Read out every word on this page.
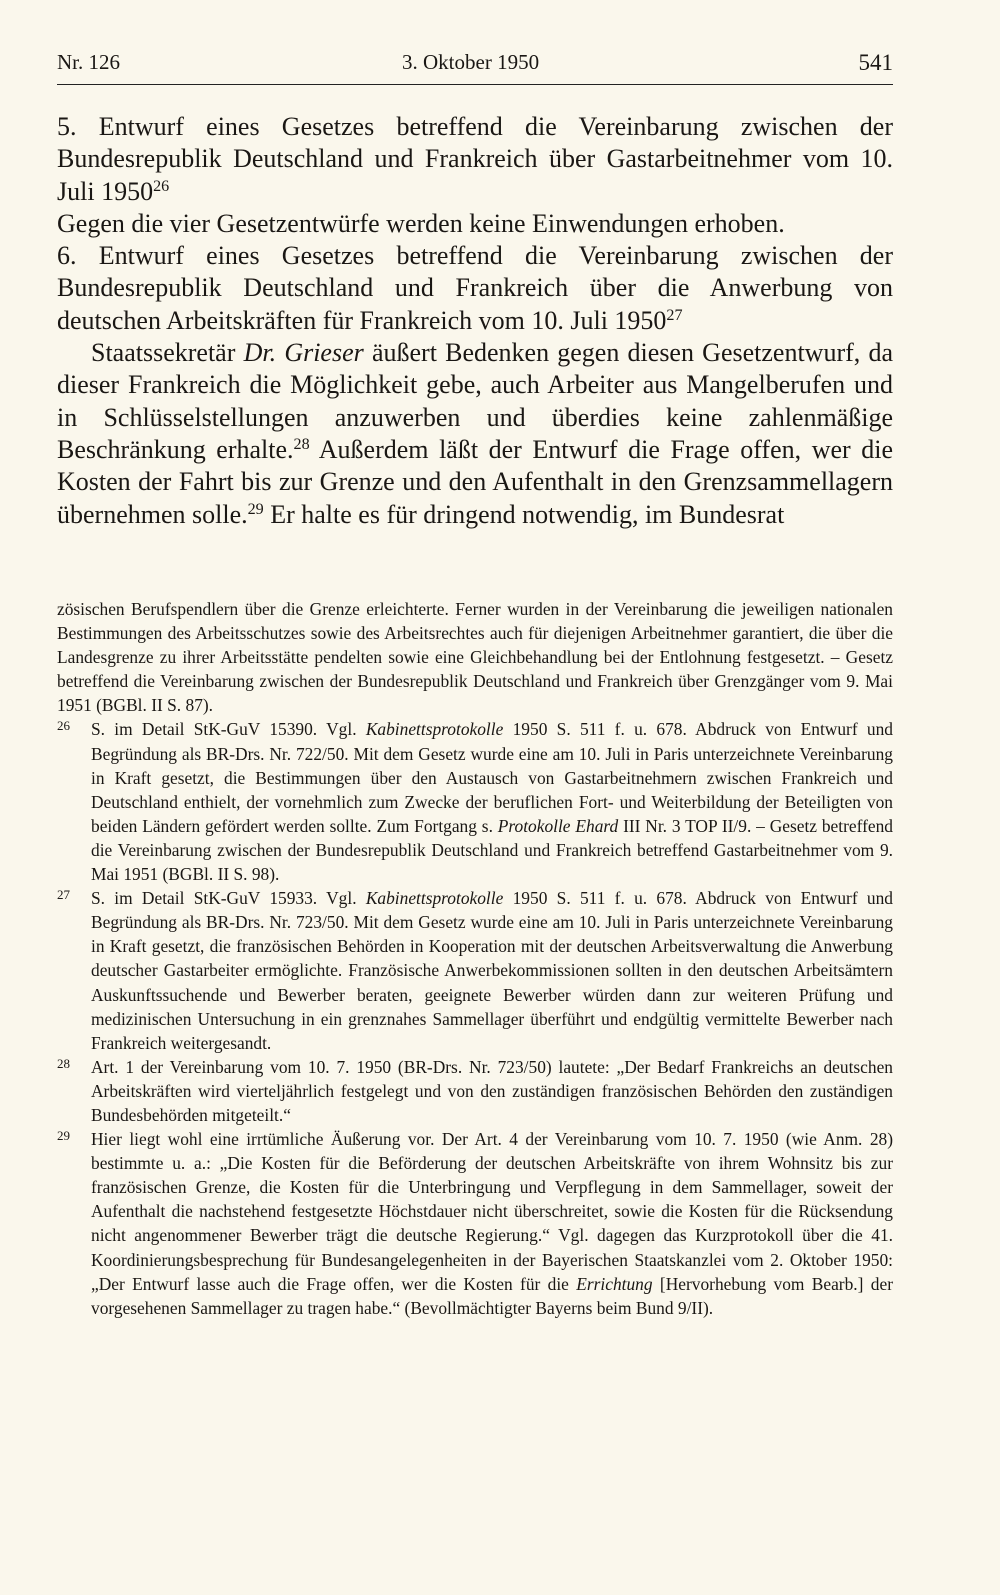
Nr. 126	3. Oktober 1950	541

5. Entwurf eines Gesetzes betreffend die Vereinbarung zwischen der Bundesrepublik Deutschland und Frankreich über Gastarbeitnehmer vom 10. Juli 1950$^{26}$

Gegen die vier Gesetzentwürfe werden keine Einwendungen erhoben.

6. Entwurf eines Gesetzes betreffend die Vereinbarung zwischen der Bundesrepublik Deutschland und Frankreich über die Anwerbung von deutschen Arbeitskräften für Frankreich vom 10. Juli 1950$^{27}$

Staatssekretär Dr. Grieser äußert Bedenken gegen diesen Gesetzentwurf, da dieser Frankreich die Möglichkeit gebe, auch Arbeiter aus Mangelberufen und in Schlüsselstellungen anzuwerben und überdies keine zahlenmäßige Beschränkung erhalte.$^{28}$ Außerdem läßt der Entwurf die Frage offen, wer die Kosten der Fahrt bis zur Grenze und den Aufenthalt in den Grenzsammellagern übernehmen solle.$^{29}$ Er halte es für dringend notwendig, im Bundesrat

zösischen Berufspendlern über die Grenze erleichterte. Ferner wurden in der Vereinbarung die jeweiligen nationalen Bestimmungen des Arbeitsschutzes sowie des Arbeitsrechtes auch für diejenigen Arbeitnehmer garantiert, die über die Landesgrenze zu ihrer Arbeitsstätte pendelten sowie eine Gleichbehandlung bei der Entlohnung festgesetzt. – Gesetz betreffend die Vereinbarung zwischen der Bundesrepublik Deutschland und Frankreich über Grenzgänger vom 9. Mai 1951 (BGBl. II S. 87).
26 S. im Detail StK-GuV 15390. Vgl. Kabinettsprotokolle 1950 S. 511 f. u. 678. Abdruck von Entwurf und Begründung als BR-Drs. Nr. 722/50. Mit dem Gesetz wurde eine am 10. Juli in Paris unterzeichnete Vereinbarung in Kraft gesetzt, die Bestimmungen über den Austausch von Gastarbeitnehmern zwischen Frankreich und Deutschland enthielt, der vornehmlich zum Zwecke der beruflichen Fort- und Weiterbildung der Beteiligten von beiden Ländern gefördert werden sollte. Zum Fortgang s. Protokolle Ehard III Nr. 3 TOP II/9. – Gesetz betreffend die Vereinbarung zwischen der Bundesrepublik Deutschland und Frankreich betreffend Gastarbeitnehmer vom 9. Mai 1951 (BGBl. II S. 98).
27 S. im Detail StK-GuV 15933. Vgl. Kabinettsprotokolle 1950 S. 511 f. u. 678. Abdruck von Entwurf und Begründung als BR-Drs. Nr. 723/50. Mit dem Gesetz wurde eine am 10. Juli in Paris unterzeichnete Vereinbarung in Kraft gesetzt, die französischen Behörden in Kooperation mit der deutschen Arbeitsverwaltung die Anwerbung deutscher Gastarbeiter ermöglichte. Französische Anwerbekommissionen sollten in den deutschen Arbeitsämtern Auskunftssuchende und Bewerber beraten, geeignete Bewerber würden dann zur weiteren Prüfung und medizinischen Untersuchung in ein grenznahes Sammellager überführt und endgültig vermittelte Bewerber nach Frankreich weitergesandt.
28 Art. 1 der Vereinbarung vom 10. 7. 1950 (BR-Drs. Nr. 723/50) lautete: „Der Bedarf Frankreichs an deutschen Arbeitskräften wird vierteljährlich festgelegt und von den zuständigen französischen Behörden den zuständigen Bundesbehörden mitgeteilt.“
29 Hier liegt wohl eine irrtümliche Äußerung vor. Der Art. 4 der Vereinbarung vom 10. 7. 1950 (wie Anm. 28) bestimmte u. a.: „Die Kosten für die Beförderung der deutschen Arbeitskräfte von ihrem Wohnsitz bis zur französischen Grenze, die Kosten für die Unterbringung und Verpflegung in dem Sammellager, soweit der Aufenthalt die nachstehend festgesetzte Höchstdauer nicht überschreitet, sowie die Kosten für die Rücksendung nicht angenommener Bewerber trägt die deutsche Regierung.“ Vgl. dagegen das Kurzprotokoll über die 41. Koordinierungsbesprechung für Bundesangelegenheiten in der Bayerischen Staatskanzlei vom 2. Oktober 1950: „Der Entwurf lasse auch die Frage offen, wer die Kosten für die Errichtung [Hervorhebung vom Bearb.] der vorgesehenen Sammellager zu tragen habe.“ (Bevollmächtigter Bayerns beim Bund 9/II).
